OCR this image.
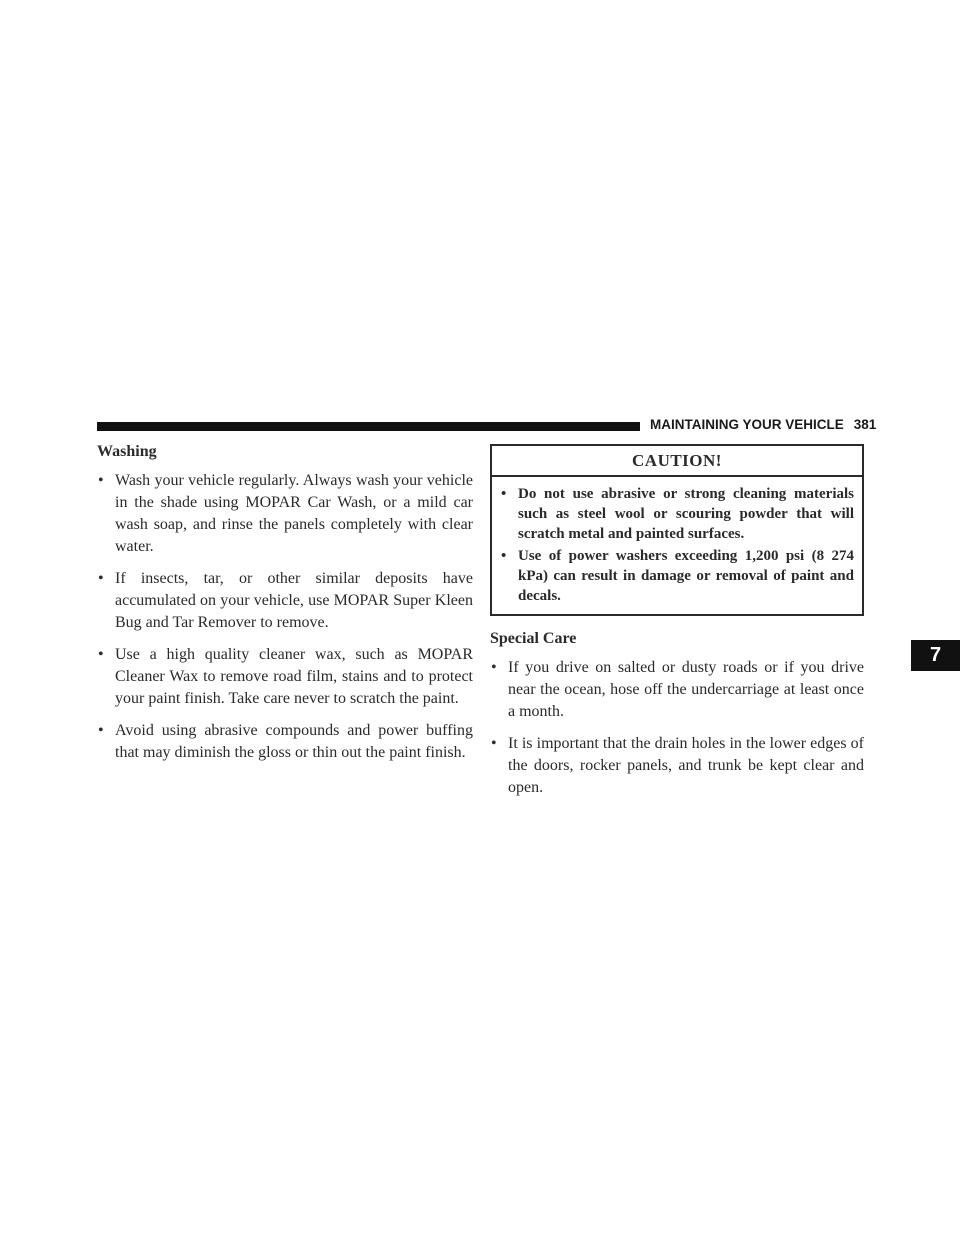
MAINTAINING YOUR VEHICLE 381
7
Washing
• Wash your vehicle regularly. Always wash your vehicle in the shade using MOPAR Car Wash, or a mild car wash soap, and rinse the panels completely with clear water.
• If insects, tar, or other similar deposits have accumulated on your vehicle, use MOPAR Super Kleen Bug and Tar Remover to remove.
• Use a high quality cleaner wax, such as MOPAR Cleaner Wax to remove road film, stains and to protect your paint finish. Take care never to scratch the paint.
• Avoid using abrasive compounds and power buffing that may diminish the gloss or thin out the paint finish.
CAUTION!
• Do not use abrasive or strong cleaning materials such as steel wool or scouring powder that will scratch metal and painted surfaces.
• Use of power washers exceeding 1,200 psi (8 274 kPa) can result in damage or removal of paint and decals.
Special Care
• If you drive on salted or dusty roads or if you drive near the ocean, hose off the undercarriage at least once a month.
• It is important that the drain holes in the lower edges of the doors, rocker panels, and trunk be kept clear and open.
